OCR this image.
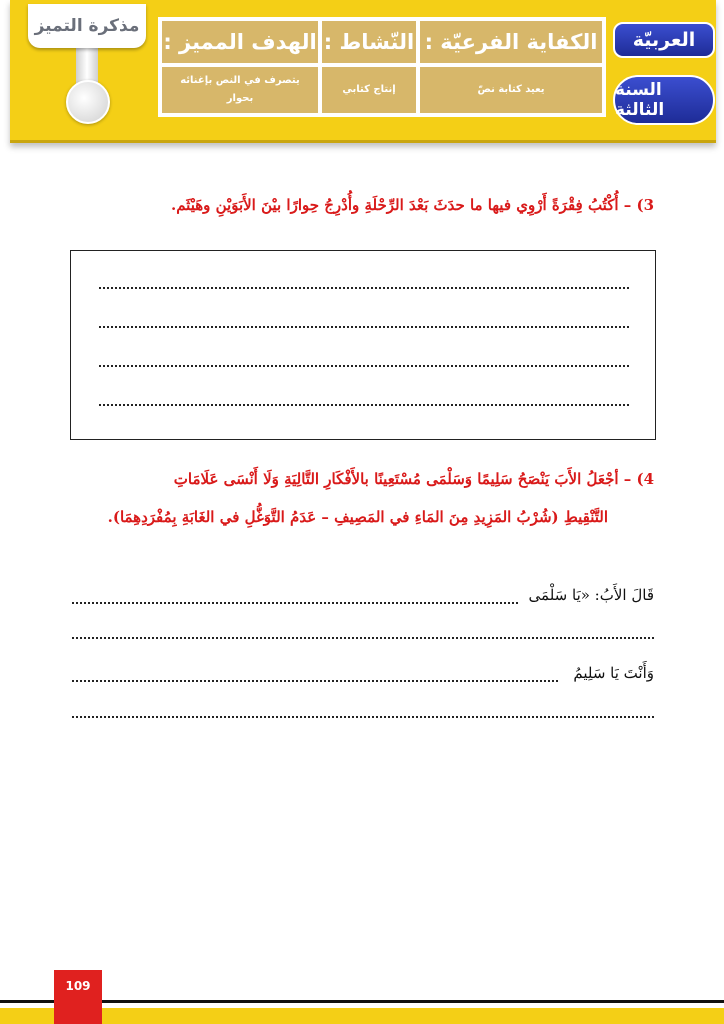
مذكرة التميز
الهدف المميز : النّشاط : الكفاية الفرعيّة :
يتصرف في النص بإغنائه بحوار
إنتاج كتابي	يعيد كتابة نصّ
العربيّة
السنة الثالثة
3) – أُكْتُبُ فِقْرَةً أَرْوِي فيها ما حدَثَ بَعْدَ الرِّحْلَةِ وأُدْرِجُ حِوارًا بيْنَ الأَبَوَيْنِ وهَيْثَم.
4) – أجْعَلُ الأَبَ يَنْصَحُ سَلِيمًا وَسَلْمَى مُسْتَعِينًا بالأَفْكَارِ التَّالِيَةِ وَلَا أَنْسَى عَلَامَاتِ
التَّنْقِيطِ (شُرْبُ المَزِيدِ مِنَ المَاءِ في المَصِيفِ – عَدَمُ التَّوَغُّلِ في الغَابَةِ بِمُفْرَدِهِمَا).
قَالَ الأَبُ: «يَا سَلْمَى
وَأَنْتَ يَا سَلِيمُ
109
